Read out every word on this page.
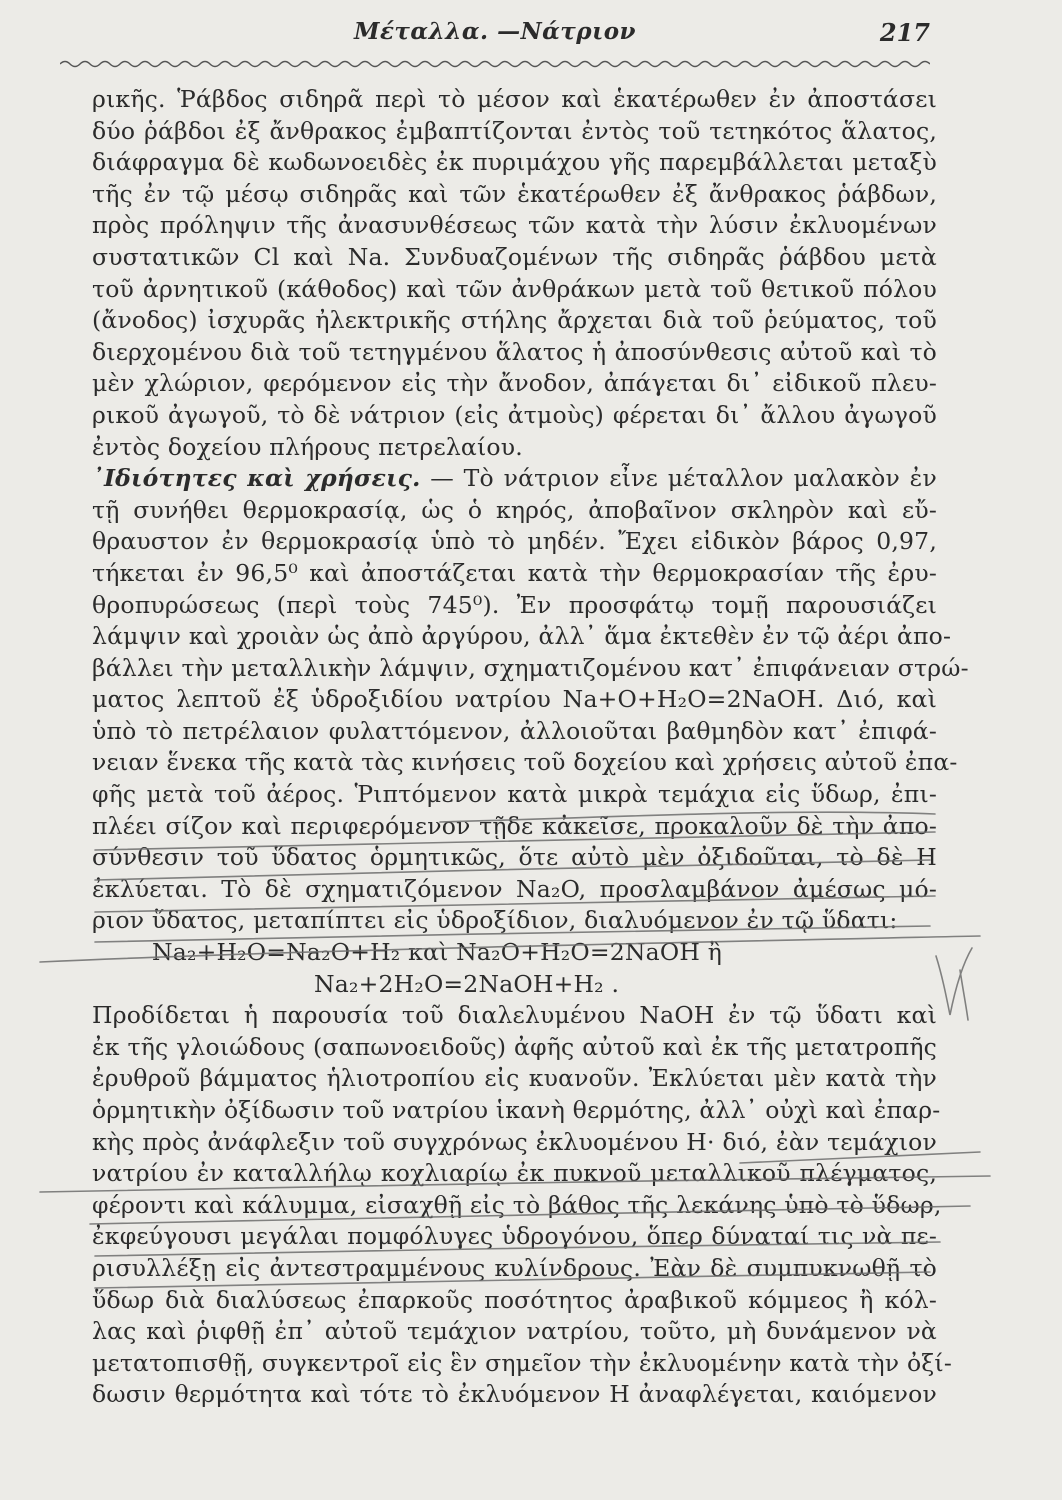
Μέταλλα. —Νάτριον	217
ρικῆς. Ῥάβδος σιδηρᾶ περὶ τὸ μέσον καὶ ἑκατέρωθεν ἐν ἀποστάσει
δύο ῥάβδοι ἐξ ἄνθρακος ἐμβαπτίζονται ἐντὸς τοῦ τετηκότος ἅλατος,
διάφραγμα δὲ κωδωνοειδὲς ἐκ πυριμάχου γῆς παρεμβάλλεται μεταξὺ
τῆς ἐν τῷ μέσῳ σιδηρᾶς καὶ τῶν ἑκατέρωθεν ἐξ ἄνθρακος ῥάβδων,
πρὸς πρόληψιν τῆς ἀνασυνθέσεως τῶν κατὰ τὴν λύσιν ἐκλυομένων
συστατικῶν Cl καὶ Na. Συνδυαζομένων τῆς σιδηρᾶς ῥάβδου μετὰ
τοῦ ἀρνητικοῦ (κάθοδος) καὶ τῶν ἀνθράκων μετὰ τοῦ θετικοῦ πόλου
(ἄνοδος) ἰσχυρᾶς ἠλεκτρικῆς στήλης ἄρχεται διὰ τοῦ ῥεύματος, τοῦ
διερχομένου διὰ τοῦ τετηγμένου ἅλατος ἡ ἀποσύνθεσις αὐτοῦ καὶ τὸ
μὲν χλώριον, φερόμενον εἰς τὴν ἄνοδον, ἀπάγεται δι᾿ εἰδικοῦ πλευ-
ρικοῦ ἀγωγοῦ, τὸ δὲ νάτριον (εἰς ἀτμοὺς) φέρεται δι᾿ ἄλλου ἀγωγοῦ
ἐντὸς δοχείου πλήρους πετρελαίου.
᾿Ιδιότητες καὶ χρήσεις. — Τὸ νάτριον εἶνε μέταλλον μαλακὸν ἐν
τῇ συνήθει θερμοκρασίᾳ, ὡς ὁ κηρός, ἀποβαῖνον σκληρὸν καὶ εὔ-
θραυστον ἐν θερμοκρασίᾳ ὑπὸ τὸ μηδέν. Ἔχει εἰδικὸν βάρος 0,97,
τήκεται ἐν 96,5⁰ καὶ ἀποστάζεται κατὰ τὴν θερμοκρασίαν τῆς ἐρυ-
θροπυρώσεως (περὶ τοὺς 745⁰). Ἐν προσφάτῳ τομῇ παρουσιάζει
λάμψιν καὶ χροιὰν ὡς ἀπὸ ἀργύρου, ἀλλ᾿ ἅμα ἐκτεθὲν ἐν τῷ ἀέρι ἀπο-
βάλλει τὴν μεταλλικὴν λάμψιν, σχηματιζομένου κατ᾿ ἐπιφάνειαν στρώ-
ματος λεπτοῦ ἐξ ὑδροξιδίου νατρίου Na+O+H₂O=2NaOH. Διό, καὶ
ὑπὸ τὸ πετρέλαιον φυλαττόμενον, ἀλλοιοῦται βαθμηδὸν κατ᾿ ἐπιφά-
νειαν ἕνεκα τῆς κατὰ τὰς κινήσεις τοῦ δοχείου καὶ χρήσεις αὐτοῦ ἐπα-
φῆς μετὰ τοῦ ἀέρος. Ῥιπτόμενον κατὰ μικρὰ τεμάχια εἰς ὕδωρ, ἐπι-
πλέει σίζον καὶ περιφερόμενον τῇδε κἀκεῖσε, προκαλοῦν δὲ τὴν ἀπο-
σύνθεσιν τοῦ ὕδατος ὁρμητικῶς, ὅτε αὐτὸ μὲν ὀξιδοῦται, τὸ δὲ H
ἐκλύεται. Τὸ δὲ σχηματιζόμενον Na₂O, προσλαμβάνον ἀμέσως μό-
ριον ὕδατος, μεταπίπτει εἰς ὑδροξίδιον, διαλυόμενον ἐν τῷ ὕδατι:
Na₂+H₂O=Na₂O+H₂ καὶ Na₂O+H₂O=2NaOH ἢ
Na₂+2H₂O=2NaOH+H₂ .
Προδίδεται ἡ παρουσία τοῦ διαλελυμένου NaOH ἐν τῷ ὕδατι καὶ
ἐκ τῆς γλοιώδους (σαπωνοειδοῦς) ἀφῆς αὐτοῦ καὶ ἐκ τῆς μετατροπῆς
ἐρυθροῦ βάμματος ἡλιοτροπίου εἰς κυανοῦν. Ἐκλύεται μὲν κατὰ τὴν
ὁρμητικὴν ὀξίδωσιν τοῦ νατρίου ἱκανὴ θερμότης, ἀλλ᾿ οὐχὶ καὶ ἐπαρ-
κὴς πρὸς ἀνάφλεξιν τοῦ συγχρόνως ἐκλυομένου H· διό, ἐὰν τεμάχιον
νατρίου ἐν καταλλήλῳ κοχλιαρίῳ ἐκ πυκνοῦ μεταλλικοῦ πλέγματος,
φέροντι καὶ κάλυμμα, εἰσαχθῇ εἰς τὸ βάθος τῆς λεκάνης ὑπὸ τὸ ὕδωρ,
ἐκφεύγουσι μεγάλαι πομφόλυγες ὑδρογόνου, ὅπερ δύναταί τις νὰ πε-
ρισυλλέξῃ εἰς ἀντεστραμμένους κυλίνδρους. Ἐὰν δὲ συμπυκνωθῇ τὸ
ὕδωρ διὰ διαλύσεως ἐπαρκοῦς ποσότητος ἀραβικοῦ κόμμεος ἢ κόλ-
λας καὶ ῥιφθῇ ἐπ᾿ αὐτοῦ τεμάχιον νατρίου, τοῦτο, μὴ δυνάμενον νὰ
μετατοπισθῇ, συγκεντροῖ εἰς ἓν σημεῖον τὴν ἐκλυομένην κατὰ τὴν ὀξί-
δωσιν θερμότητα καὶ τότε τὸ ἐκλυόμενον H ἀναφλέγεται, καιόμενον
